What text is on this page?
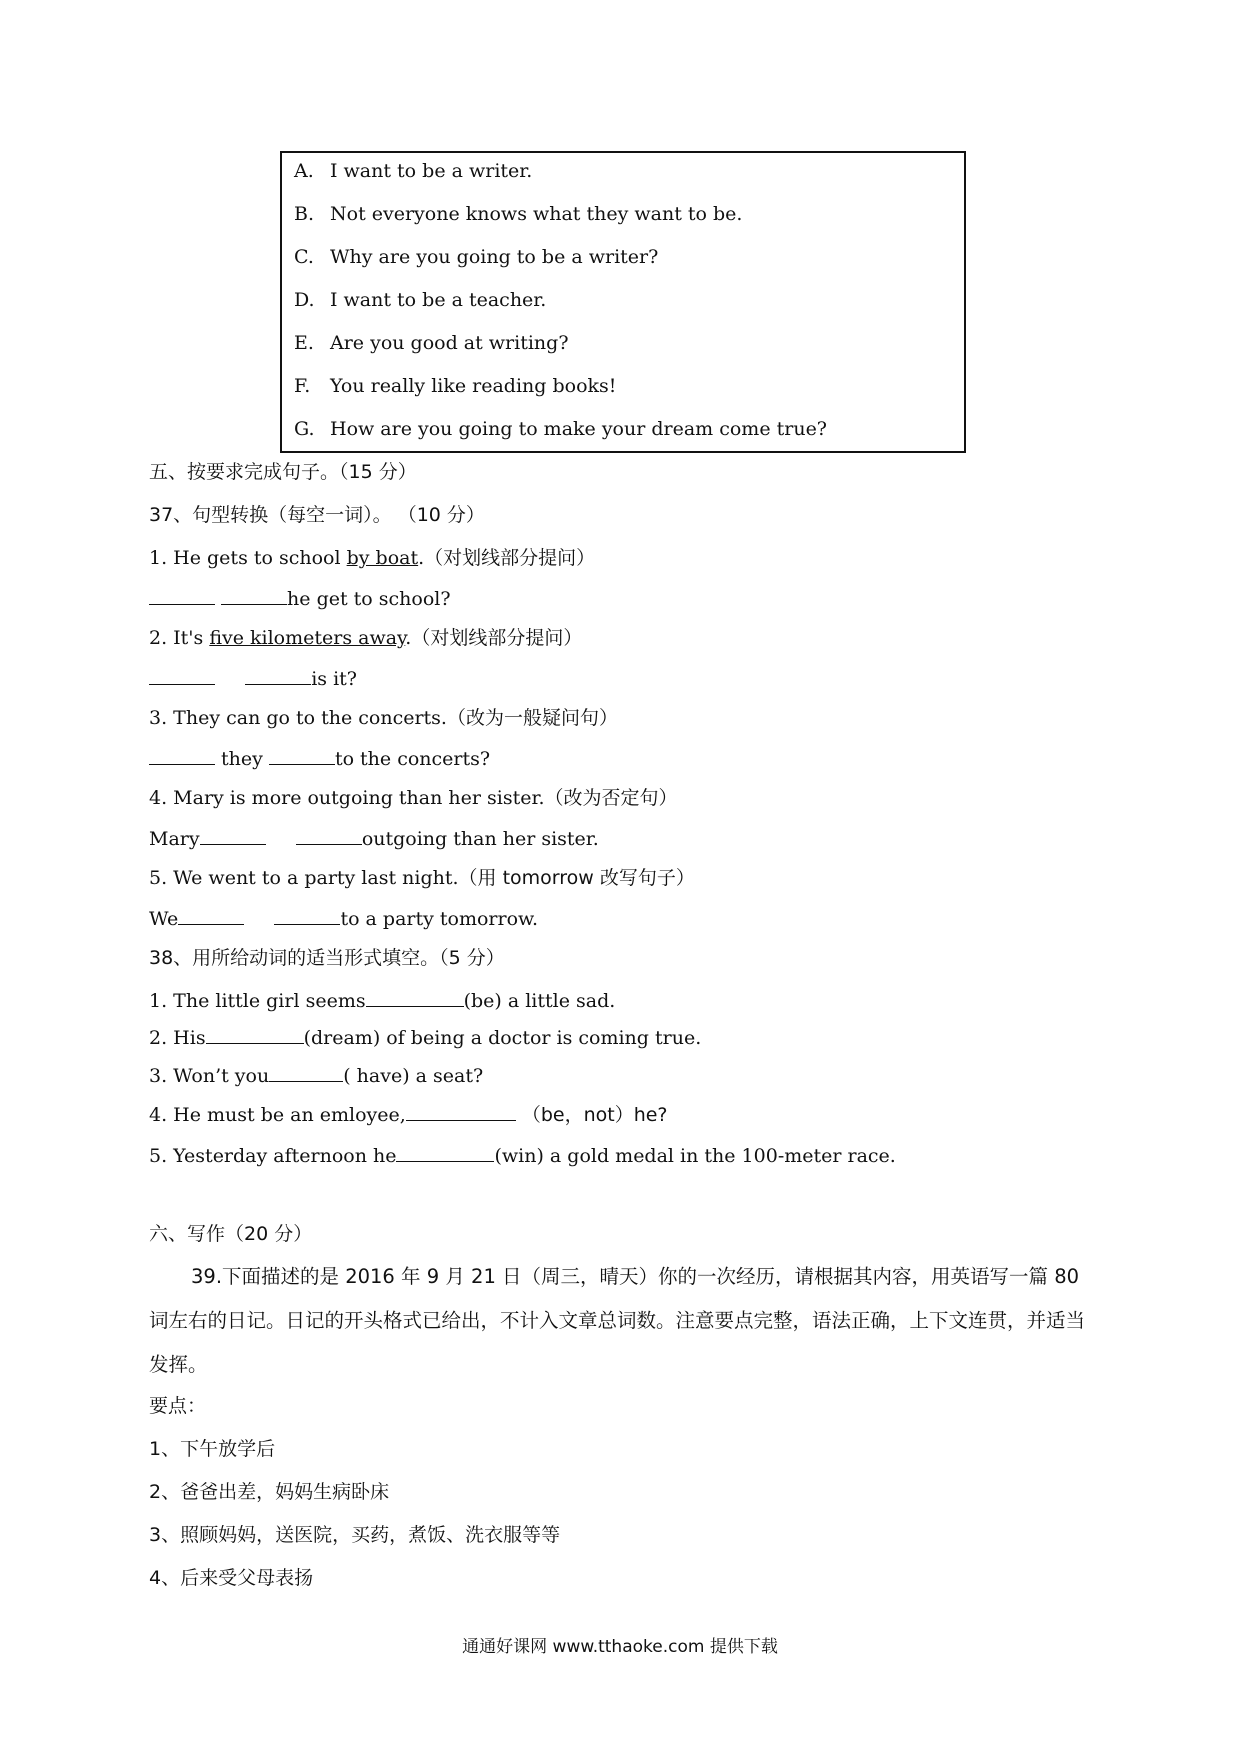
A. I want to be a writer.
B. Not everyone knows what they want to be.
C. Why are you going to be a writer?
D. I want to be a teacher.
E. Are you good at writing?
F. You really like reading books!
G. How are you going to make your dream come true?
五、按要求完成句子。（15 分）
37、句型转换（每空一词）。 （10 分）
1. He gets to school by boat.（对划线部分提问）
he get to school?
2. It's five kilometers away.（对划线部分提问）
is it?
3. They can go to the concerts.（改为一般疑问句）
they	to the concerts?
4. Mary is more outgoing than her sister.（改为否定句）
Mary	outgoing than her sister.
5. We went to a party last night.（用 tomorrow 改写句子）
We	to a party tomorrow.
38、用所给动词的适当形式填空。（5 分）
1. The little girl seems	(be) a little sad.
2. His	(dream) of being a doctor is coming true.
3. Won’t you	( have) a seat?
4. He must be an emloyee,	（be，not）he?
5. Yesterday afternoon he	(win) a gold medal in the 100-meter race.
六、写作（20 分）
39.下面描述的是 2016 年 9 月 21 日（周三，晴天）你的一次经历，请根据其内容，用英语写一篇 80 词左右的日记。日记的开头格式已给出，不计入文章总词数。注意要点完整，语法正确，上下文连贯，并适当发挥。
要点：
1、下午放学后
2、爸爸出差，妈妈生病卧床
3、照顾妈妈，送医院，买药，煮饭、洗衣服等等
4、后来受父母表扬
通通好课网 www.tthaoke.com 提供下载
